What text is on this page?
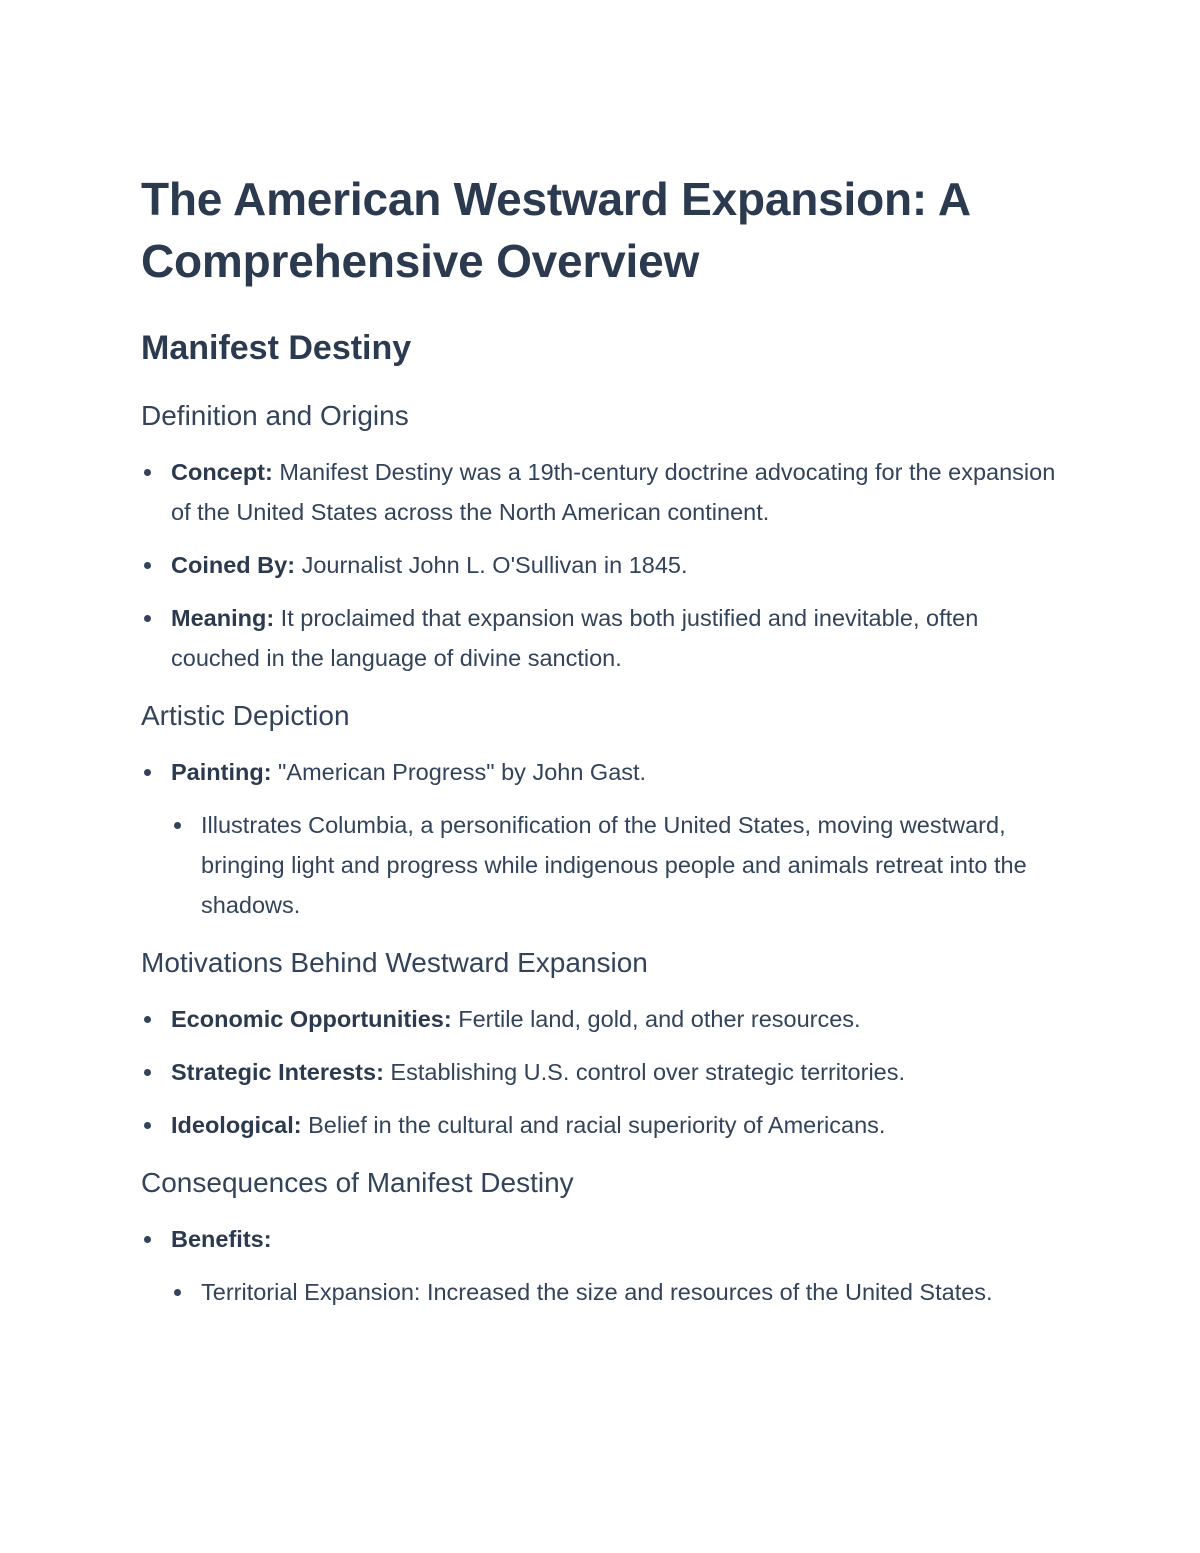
The American Westward Expansion: A Comprehensive Overview
Manifest Destiny
Definition and Origins
Concept: Manifest Destiny was a 19th-century doctrine advocating for the expansion of the United States across the North American continent.
Coined By: Journalist John L. O'Sullivan in 1845.
Meaning: It proclaimed that expansion was both justified and inevitable, often couched in the language of divine sanction.
Artistic Depiction
Painting: "American Progress" by John Gast.
Illustrates Columbia, a personification of the United States, moving westward, bringing light and progress while indigenous people and animals retreat into the shadows.
Motivations Behind Westward Expansion
Economic Opportunities: Fertile land, gold, and other resources.
Strategic Interests: Establishing U.S. control over strategic territories.
Ideological: Belief in the cultural and racial superiority of Americans.
Consequences of Manifest Destiny
Benefits:
Territorial Expansion: Increased the size and resources of the United States.
